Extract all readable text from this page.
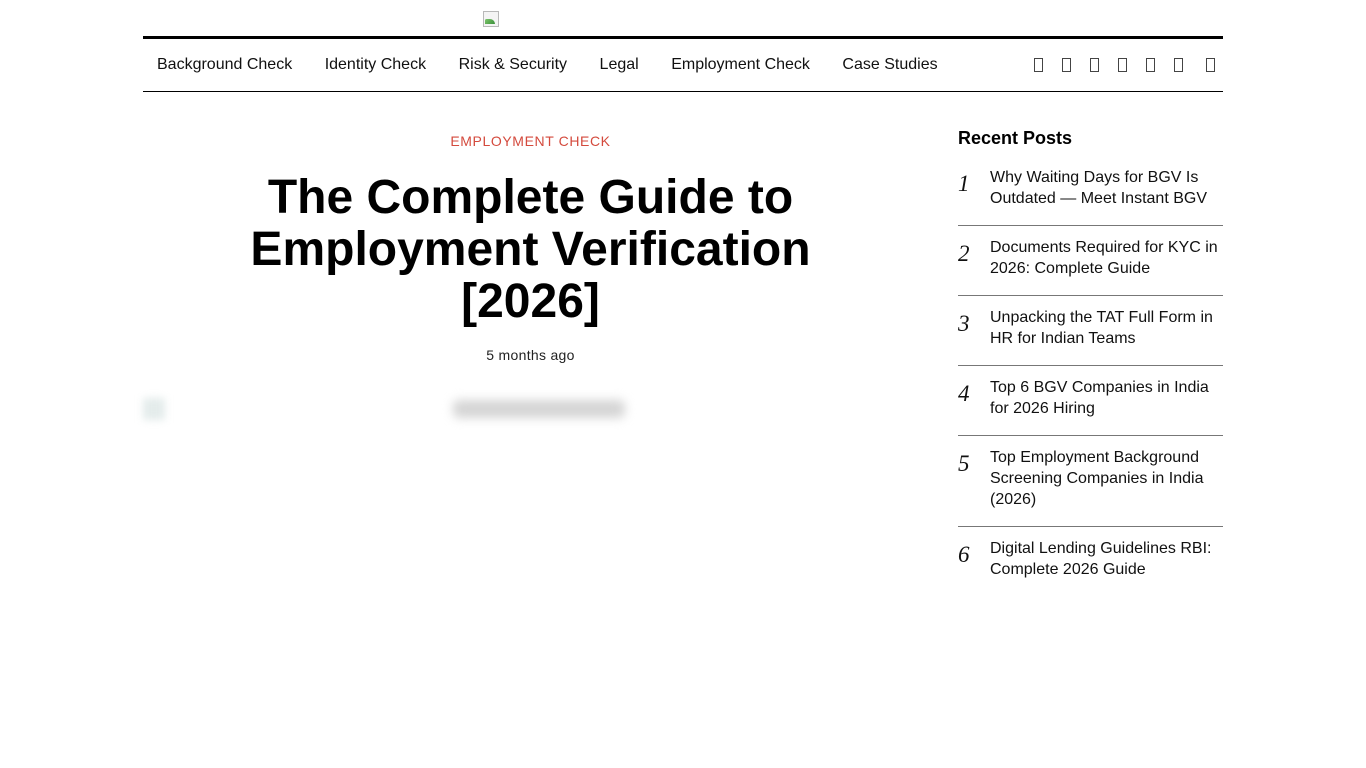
Background Check Identity Check Risk & Security Legal Employment Check Case Studies
EMPLOYMENT CHECK
The Complete Guide to Employment Verification [2026]
5 months ago
Recent Posts
1	Why Waiting Days for BGV Is Outdated — Meet Instant BGV
2	Documents Required for KYC in 2026: Complete Guide
3	Unpacking the TAT Full Form in HR for Indian Teams
4	Top 6 BGV Companies in India for 2026 Hiring
5	Top Employment Background Screening Companies in India (2026)
6	Digital Lending Guidelines RBI: Complete 2026 Guide
